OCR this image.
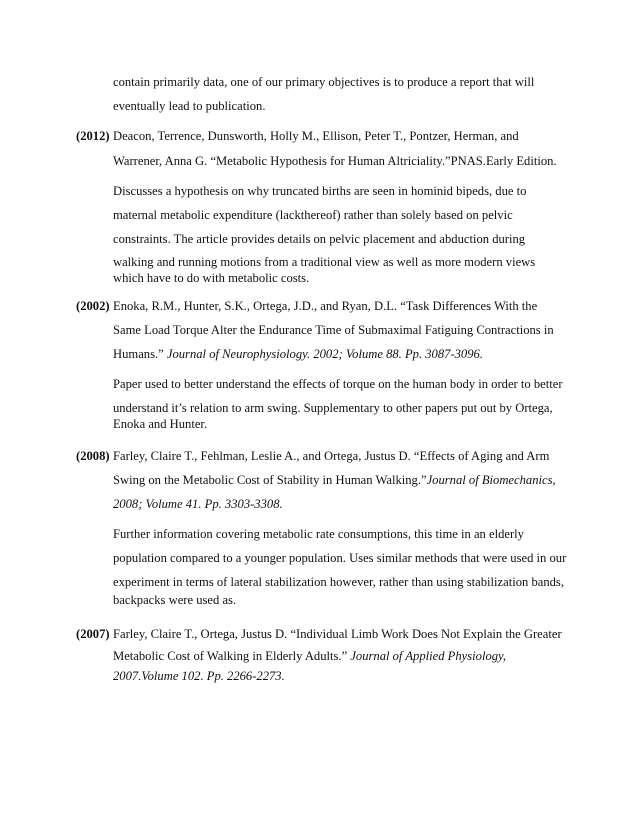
contain primarily data, one of our primary objectives is to produce a report that will

eventually lead to publication.

(2012) Deacon, Terrence, Dunsworth, Holly M., Ellison, Peter T., Pontzer, Herman, and

Warrener, Anna G. “Metabolic Hypothesis for Human Altriciality.”PNAS.Early Edition.

Discusses a hypothesis on why truncated births are seen in hominid bipeds, due to

maternal metabolic expenditure (lackthereof) rather than solely based on pelvic

constraints. The article provides details on pelvic placement and abduction during

walking and running motions from a traditional view as well as more modern views

which have to do with metabolic costs.

(2002) Enoka, R.M., Hunter, S.K., Ortega, J.D., and Ryan, D.L. “Task Differences With the

Same Load Torque Alter the Endurance Time of Submaximal Fatiguing Contractions in

Humans.” Journal of Neurophysiology. 2002; Volume 88. Pp. 3087-3096.

Paper used to better understand the effects of torque on the human body in order to better

understand it’s relation to arm swing. Supplementary to other papers put out by Ortega,

Enoka and Hunter.

(2008) Farley, Claire T., Fehlman, Leslie A., and Ortega, Justus D. “Effects of Aging and Arm

Swing on the Metabolic Cost of Stability in Human Walking.”Journal of Biomechanics,

2008; Volume 41. Pp. 3303-3308.

Further information covering metabolic rate consumptions, this time in an elderly

population compared to a younger population. Uses similar methods that were used in our

experiment in terms of lateral stabilization however, rather than using stabilization bands,

backpacks were used as.

(2007) Farley, Claire T., Ortega, Justus D. “Individual Limb Work Does Not Explain the Greater

Metabolic Cost of Walking in Elderly Adults.” Journal of Applied Physiology,

2007.Volume 102. Pp. 2266-2273.
